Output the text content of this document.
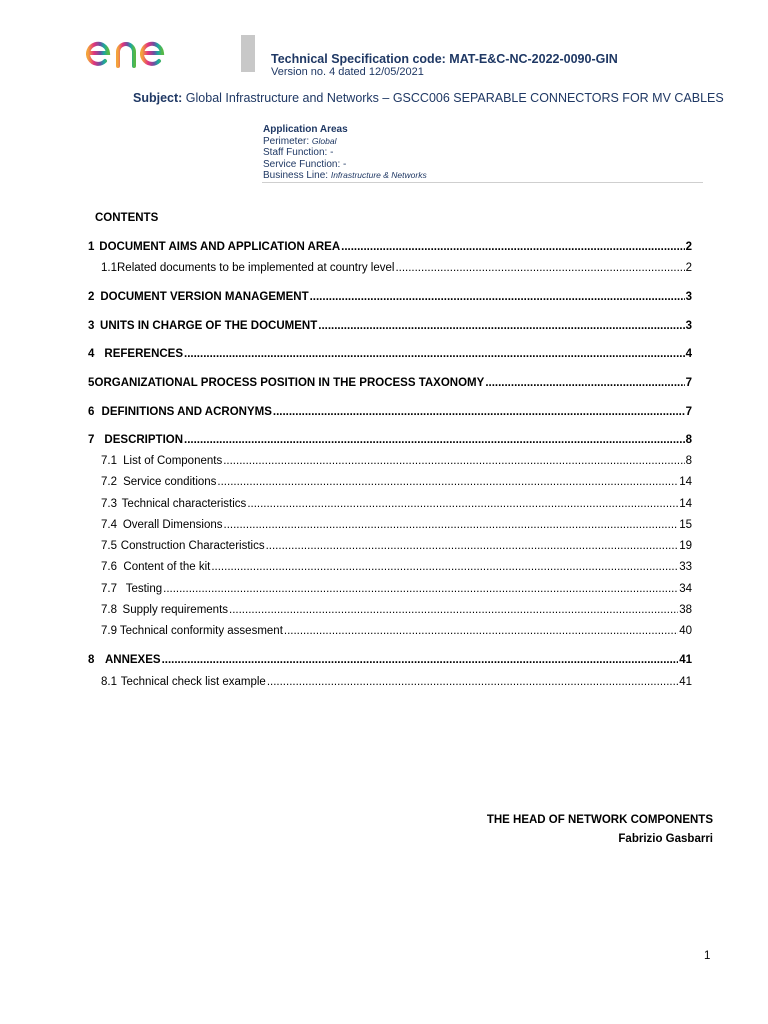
Technical Specification code: MAT-E&C-NC-2022-0090-GIN
Version no. 4 dated 12/05/2021
Subject: Global Infrastructure and Networks – GSCC006 SEPARABLE CONNECTORS FOR MV CABLES
Application Areas
Perimeter: Global
Staff Function: -
Service Function: -
Business Line: Infrastructure & Networks
CONTENTS
1 DOCUMENT AIMS AND APPLICATION AREA .....	2
1.1 Related documents to be implemented at country level .....	2
2 DOCUMENT VERSION MANAGEMENT .....	3
3 UNITS IN CHARGE OF THE DOCUMENT .....	3
4 REFERENCES .....	4
5 ORGANIZATIONAL PROCESS POSITION IN THE PROCESS TAXONOMY .....	7
6 DEFINITIONS AND ACRONYMS .....	7
7 DESCRIPTION .....	8
7.1 List of Components .....	8
7.2 Service conditions .....	14
7.3 Technical characteristics .....	14
7.4 Overall Dimensions .....	15
7.5 Construction Characteristics .....	19
7.6 Content of the kit .....	33
7.7 Testing .....	34
7.8 Supply requirements .....	38
7.9 Technical conformity assesment .....	40
8 ANNEXES .....	41
8.1 Technical check list example .....	41
THE HEAD OF NETWORK COMPONENTS
Fabrizio Gasbarri
1
